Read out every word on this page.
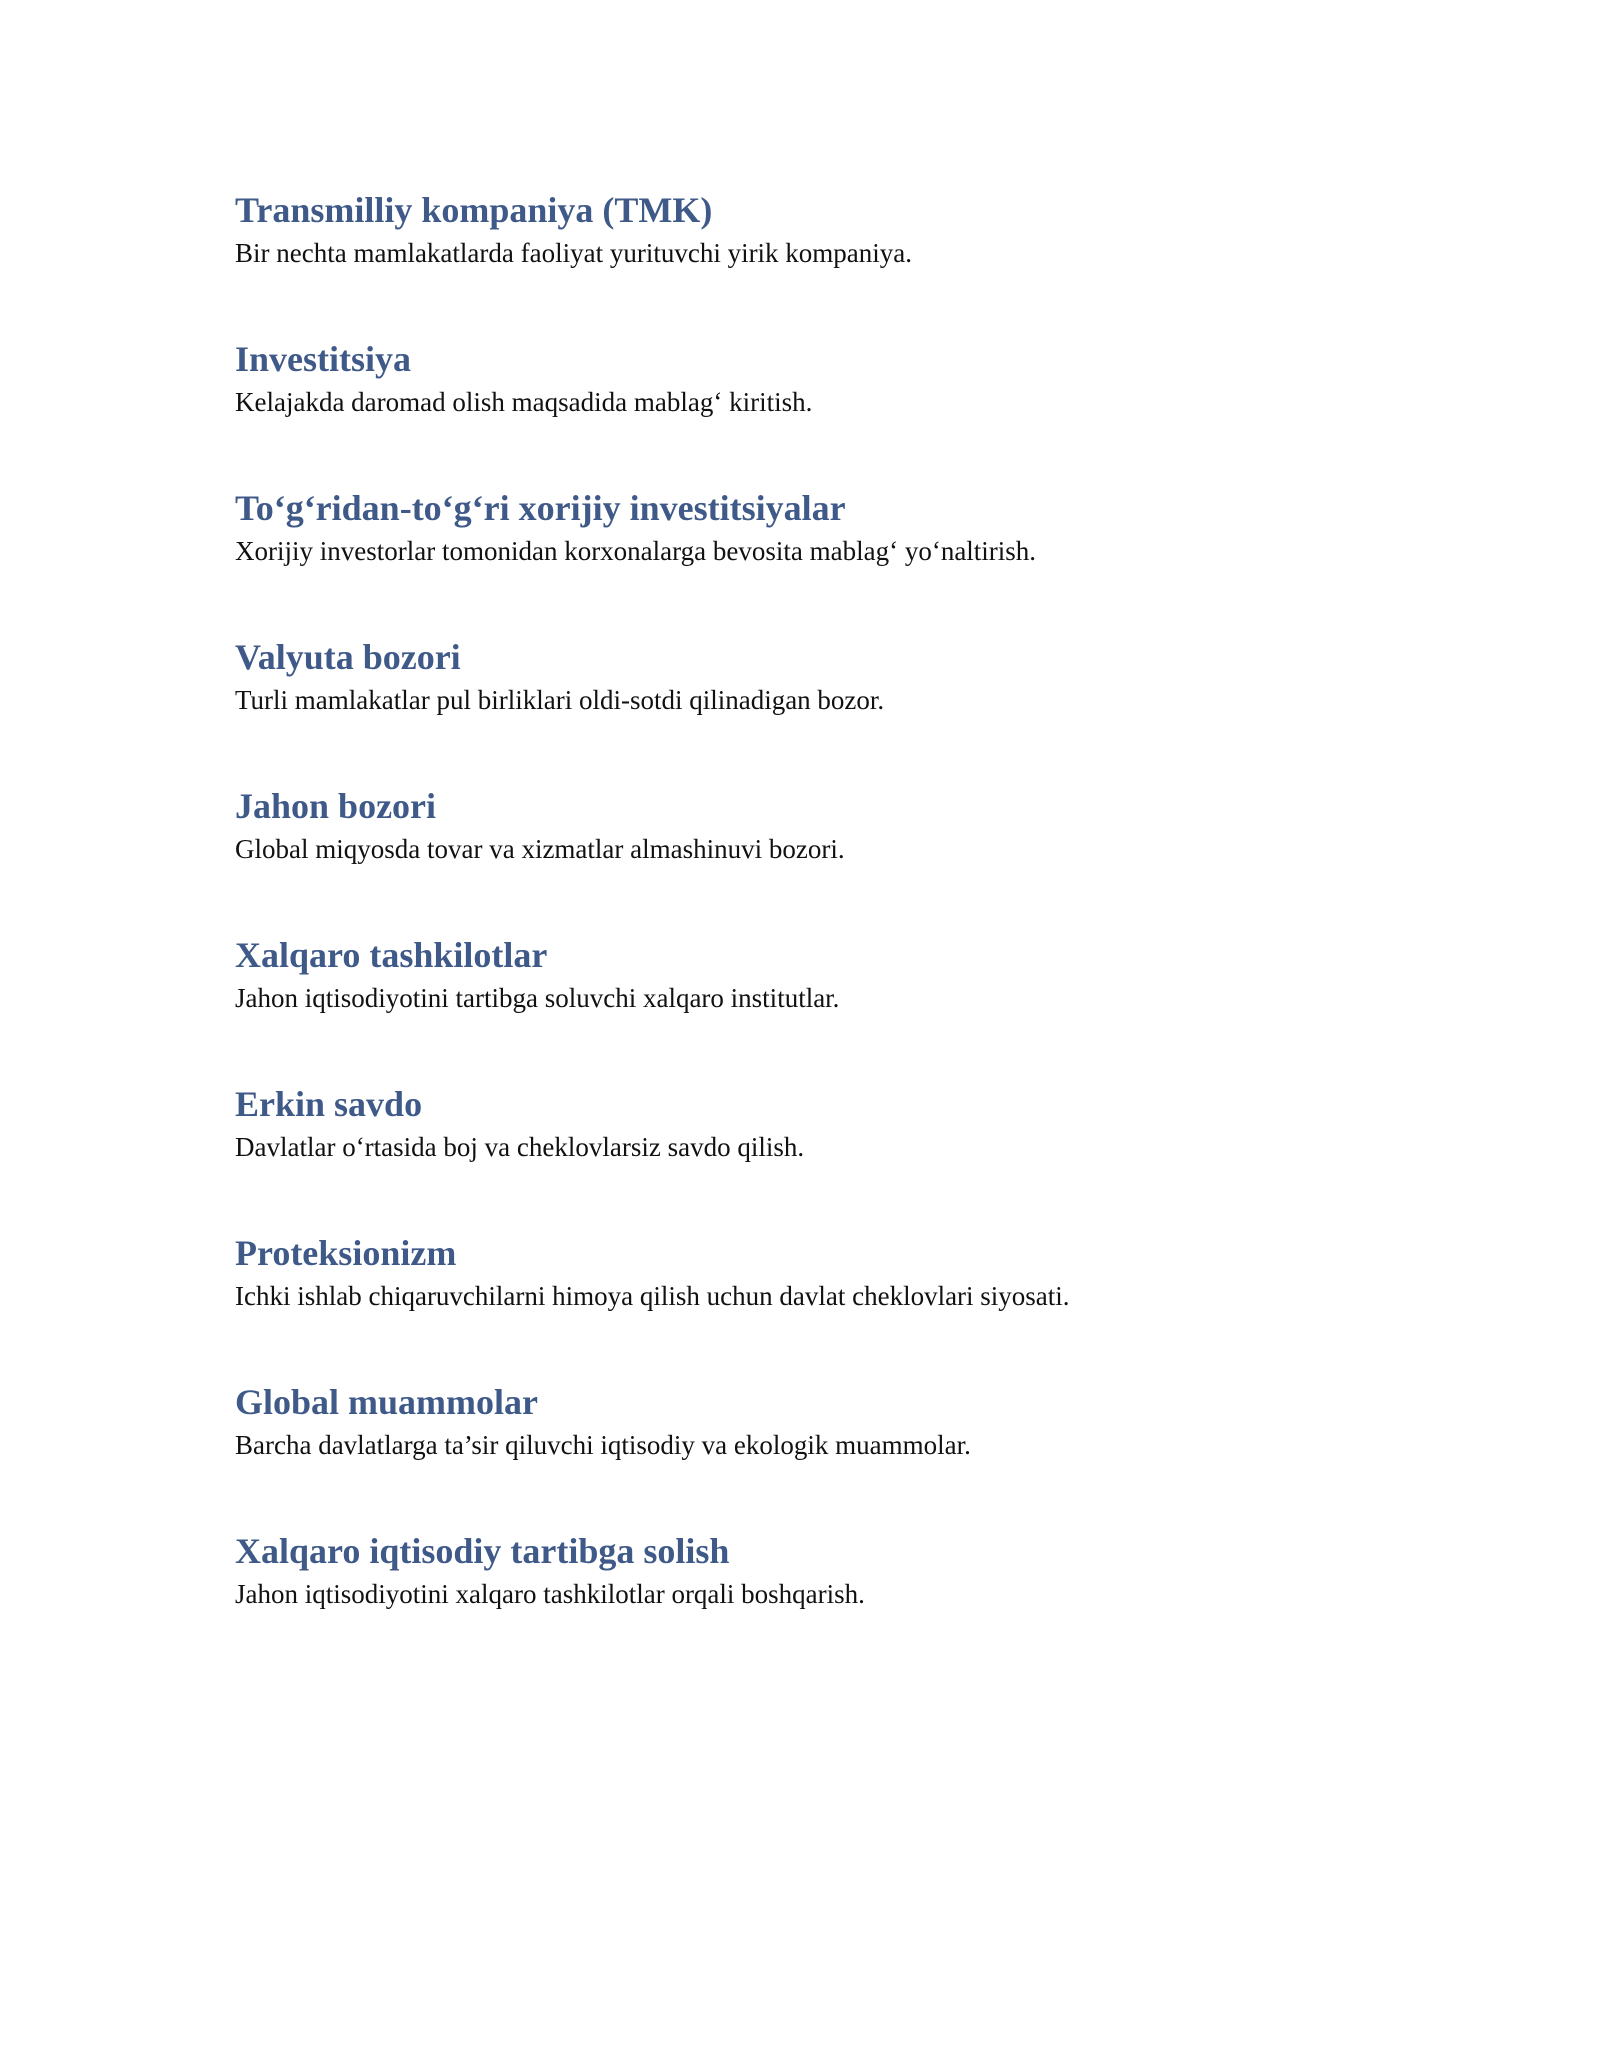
Transmilliy kompaniya (TMK)

Bir nechta mamlakatlarda faoliyat yurituvchi yirik kompaniya.

Investitsiya

Kelajakda daromad olish maqsadida mablag‘ kiritish.

To‘g‘ridan-to‘g‘ri xorijiy investitsiyalar

Xorijiy investorlar tomonidan korxonalarga bevosita mablag‘ yo‘naltirish.

Valyuta bozori

Turli mamlakatlar pul birliklari oldi-sotdi qilinadigan bozor.

Jahon bozori

Global miqyosda tovar va xizmatlar almashinuvi bozori.

Xalqaro tashkilotlar

Jahon iqtisodiyotini tartibga soluvchi xalqaro institutlar.

Erkin savdo

Davlatlar o‘rtasida boj va cheklovlarsiz savdo qilish.

Proteksionizm

Ichki ishlab chiqaruvchilarni himoya qilish uchun davlat cheklovlari siyosati.

Global muammolar

Barcha davlatlarga ta’sir qiluvchi iqtisodiy va ekologik muammolar.

Xalqaro iqtisodiy tartibga solish

Jahon iqtisodiyotini xalqaro tashkilotlar orqali boshqarish.
